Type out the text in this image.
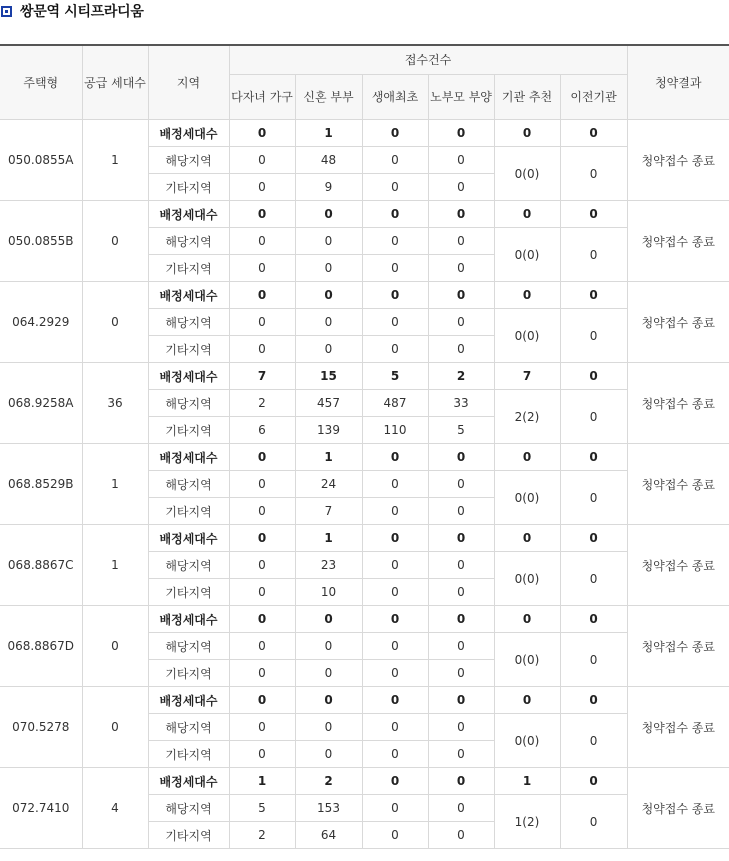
쌍문역 시티프라디움
주택형	공급 세대수	지역	접수건수						청약결과
			다자녀 가구	신혼 부부	생애최초	노부모 부양	기관 추천	이전기관	
050.0855A	1	배정세대수	0	1	0	0	0	0	청약접수 종료
		해당지역	0	48	0	0	0(0)	0	
		기타지역	0	9	0	0			
050.0855B	0	배정세대수	0	0	0	0	0	0	청약접수 종료
		해당지역	0	0	0	0	0(0)	0	
		기타지역	0	0	0	0			
064.2929	0	배정세대수	0	0	0	0	0	0	청약접수 종료
		해당지역	0	0	0	0	0(0)	0	
		기타지역	0	0	0	0			
068.9258A	36	배정세대수	7	15	5	2	7	0	청약접수 종료
		해당지역	2	457	487	33	2(2)	0	
		기타지역	6	139	110	5			
068.8529B	1	배정세대수	0	1	0	0	0	0	청약접수 종료
		해당지역	0	24	0	0	0(0)	0	
		기타지역	0	7	0	0			
068.8867C	1	배정세대수	0	1	0	0	0	0	청약접수 종료
		해당지역	0	23	0	0	0(0)	0	
		기타지역	0	10	0	0			
068.8867D	0	배정세대수	0	0	0	0	0	0	청약접수 종료
		해당지역	0	0	0	0	0(0)	0	
		기타지역	0	0	0	0			
070.5278	0	배정세대수	0	0	0	0	0	0	청약접수 종료
		해당지역	0	0	0	0	0(0)	0	
		기타지역	0	0	0	0			
072.7410	4	배정세대수	1	2	0	0	1	0	청약접수 종료
		해당지역	5	153	0	0	1(2)	0	
		기타지역	2	64	0	0			
